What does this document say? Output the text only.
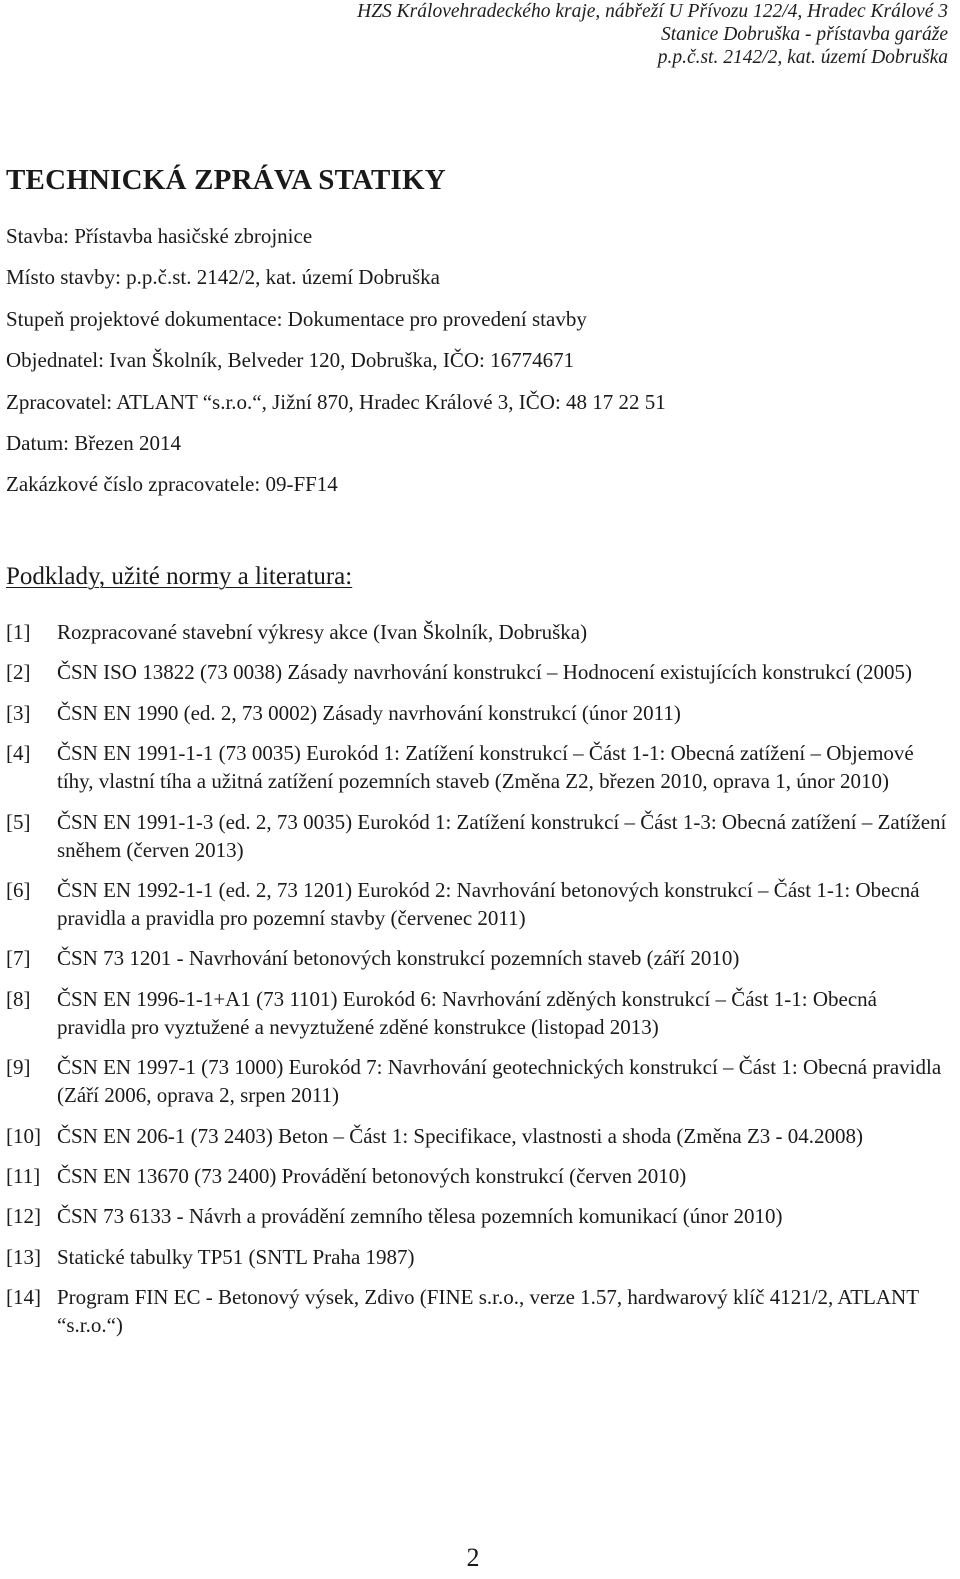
HZS Královehradeckého kraje, nábřeží U Přívozu 122/4, Hradec Králové 3
Stanice Dobruška - přístavba garáže
p.p.č.st. 2142/2, kat. území Dobruška
TECHNICKÁ ZPRÁVA STATIKY
Stavba: Přístavba hasičské zbrojnice
Místo stavby: p.p.č.st. 2142/2, kat. území Dobruška
Stupeň projektové dokumentace: Dokumentace pro provedení stavby
Objednatel: Ivan Školník, Belveder 120, Dobruška, IČO: 16774671
Zpracovatel: ATLANT “s.r.o.“, Jižní 870, Hradec Králové 3, IČO: 48 17 22 51
Datum: Březen 2014
Zakázkové číslo zpracovatele: 09-FF14
Podklady, užité normy a literatura:
[1]	Rozpracované stavební výkresy akce (Ivan Školník, Dobruška)
[2]	ČSN ISO 13822 (73 0038) Zásady navrhování konstrukcí – Hodnocení existujících konstrukcí (2005)
[3]	ČSN EN 1990 (ed. 2, 73 0002) Zásady navrhování konstrukcí (únor 2011)
[4]	ČSN EN 1991-1-1 (73 0035) Eurokód 1: Zatížení konstrukcí – Část 1-1: Obecná zatížení – Objemové tíhy, vlastní tíha a užitná zatížení pozemních staveb (Změna Z2, březen 2010, oprava 1, únor 2010)
[5]	ČSN EN 1991-1-3 (ed. 2, 73 0035) Eurokód 1: Zatížení konstrukcí – Část 1-3: Obecná zatížení – Zatížení sněhem (červen 2013)
[6]	ČSN EN 1992-1-1 (ed. 2, 73 1201) Eurokód 2: Navrhování betonových konstrukcí – Část 1-1: Obecná pravidla a pravidla pro pozemní stavby (červenec 2011)
[7]	ČSN 73 1201 - Navrhování betonových konstrukcí pozemních staveb (září 2010)
[8]	ČSN EN 1996-1-1+A1 (73 1101) Eurokód 6: Navrhování zděných konstrukcí – Část 1-1: Obecná pravidla pro vyztužené a nevyztužené zděné konstrukce (listopad 2013)
[9]	ČSN EN 1997-1 (73 1000) Eurokód 7: Navrhování geotechnických konstrukcí – Část 1: Obecná pravidla (Září 2006, oprava 2, srpen 2011)
[10] ČSN EN 206-1 (73 2403) Beton – Část 1: Specifikace, vlastnosti a shoda (Změna Z3 - 04.2008)
[11] ČSN EN 13670 (73 2400) Provádění betonových konstrukcí (červen 2010)
[12] ČSN 73 6133 - Návrh a provádění zemního tělesa pozemních komunikací (únor 2010)
[13] Statické tabulky TP51 (SNTL Praha 1987)
[14] Program FIN EC - Betonový výsek, Zdivo (FINE s.r.o., verze 1.57, hardwarový klíč 4121/2, ATLANT “s.r.o.“)
2
